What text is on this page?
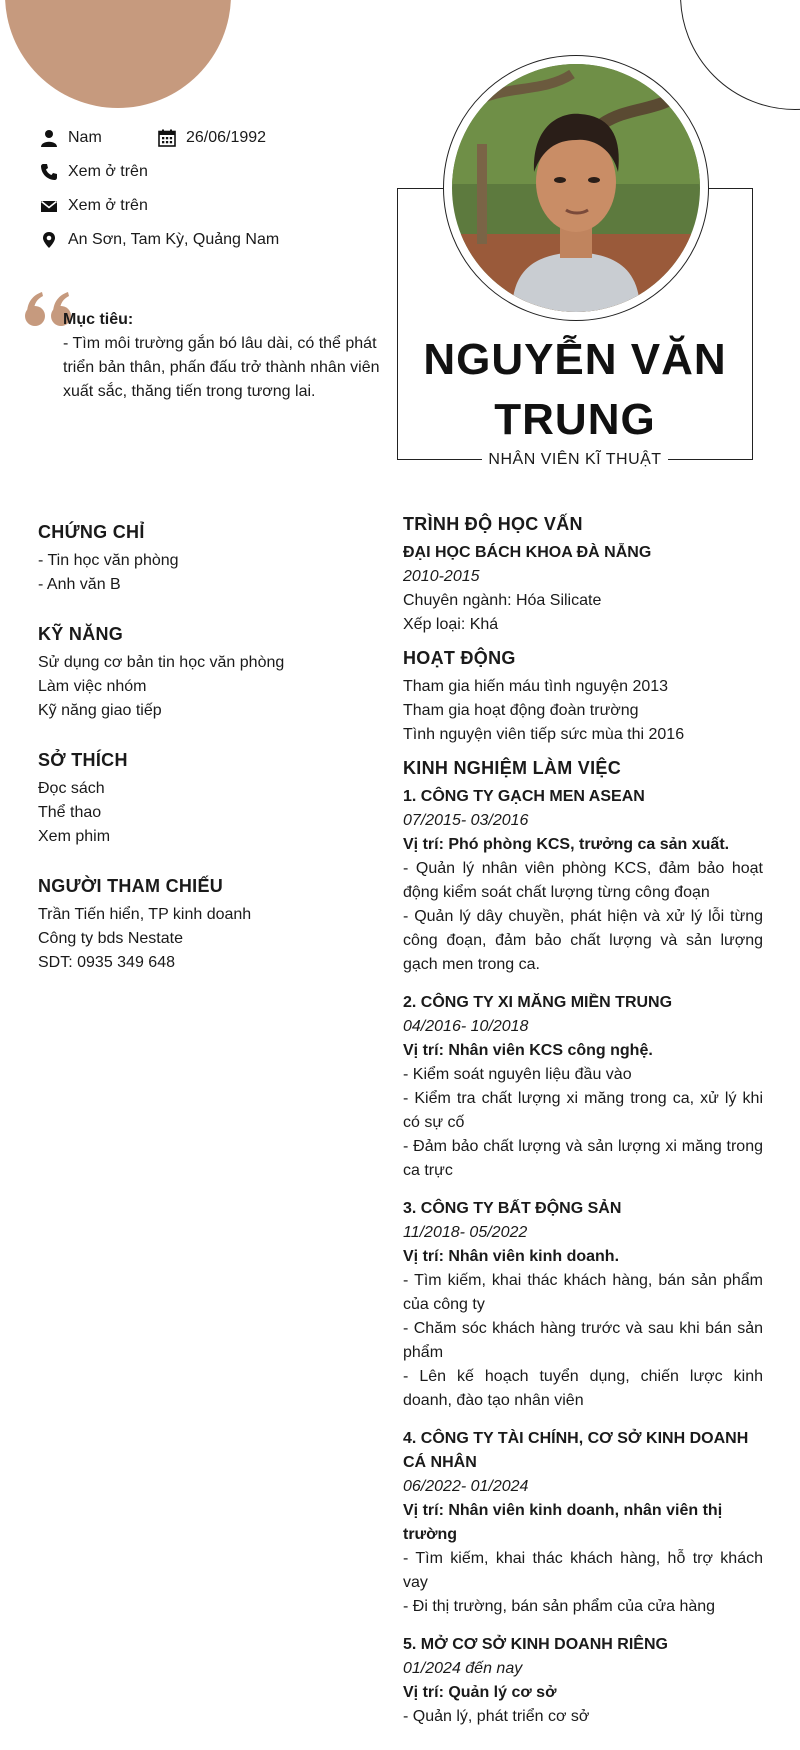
Nam	26/06/1992
Xem ở trên
Xem ở trên
An Sơn, Tam Kỳ, Quảng Nam
Mục tiêu:
- Tìm môi trường gắn bó lâu dài, có thể phát triển bản thân, phấn đấu trở thành nhân viên xuất sắc, thăng tiến trong tương lai.
NGUYỄN VĂN TRUNG
NHÂN VIÊN KĨ THUẬT
CHỨNG CHỈ
- Tin học văn phòng
- Anh văn B
KỸ NĂNG
Sử dụng cơ bản tin học văn phòng
Làm việc nhóm
Kỹ năng giao tiếp
SỞ THÍCH
Đọc sách
Thể thao
Xem phim
NGƯỜI THAM CHIẾU
Trần Tiến hiển, TP kinh doanh
Công ty bds Nestate
SDT: 0935 349 648
TRÌNH ĐỘ HỌC VẤN
ĐẠI HỌC BÁCH KHOA ĐÀ NẴNG
2010-2015
Chuyên ngành: Hóa Silicate
Xếp loại: Khá
HOẠT ĐỘNG
Tham gia hiến máu tình nguyện 2013
Tham gia hoạt động đoàn trường
Tình nguyện viên tiếp sức mùa thi 2016
KINH NGHIỆM LÀM VIỆC
1. CÔNG TY GẠCH MEN ASEAN
07/2015- 03/2016
Vị trí: Phó phòng KCS, trưởng ca sản xuất.
- Quản lý nhân viên phòng KCS, đảm bảo hoạt động kiểm soát chất lượng từng công đoạn
- Quản lý dây chuyền, phát hiện và xử lý lỗi từng công đoạn, đảm bảo chất lượng và sản lượng gạch men trong ca.
2. CÔNG TY XI MĂNG MIỀN TRUNG
04/2016- 10/2018
Vị trí: Nhân viên KCS công nghệ.
- Kiểm soát nguyên liệu đầu vào
- Kiểm tra chất lượng xi măng trong ca, xử lý khi có sự cố
- Đảm bảo chất lượng và sản lượng xi măng trong ca trực
3. CÔNG TY BẤT ĐỘNG SẢN
11/2018- 05/2022
Vị trí: Nhân viên kinh doanh.
- Tìm kiếm, khai thác khách hàng, bán sản phẩm của công ty
- Chăm sóc khách hàng trước và sau khi bán sản phẩm
- Lên kế hoạch tuyển dụng, chiến lược kinh doanh, đào tạo nhân viên
4. CÔNG TY TÀI CHÍNH, CƠ SỞ KINH DOANH CÁ NHÂN
06/2022- 01/2024
Vị trí: Nhân viên kinh doanh, nhân viên thị trường
- Tìm kiếm, khai thác khách hàng, hỗ trợ khách vay
- Đi thị trường, bán sản phẩm của cửa hàng
5. MỞ CƠ SỞ KINH DOANH RIÊNG
01/2024 đến nay
Vị trí: Quản lý cơ sở
- Quản lý, phát triển cơ sở
